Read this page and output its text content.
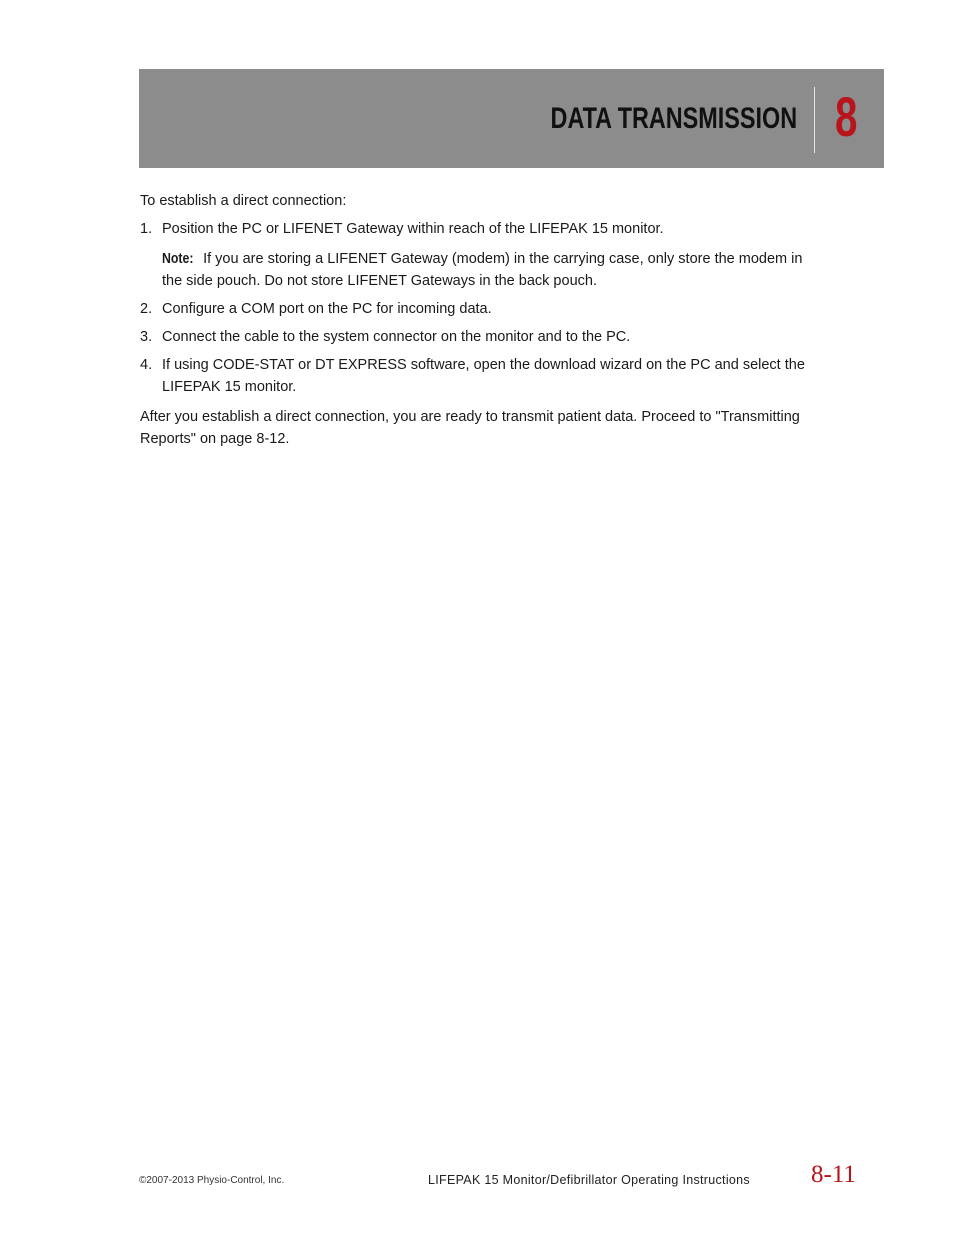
DATA TRANSMISSION 8

To establish a direct connection:

1. Position the PC or LIFENET Gateway within reach of the LIFEPAK 15 monitor.
Note: If you are storing a LIFENET Gateway (modem) in the carrying case, only store the modem in the side pouch. Do not store LIFENET Gateways in the back pouch.
2. Configure a COM port on the PC for incoming data.
3. Connect the cable to the system connector on the monitor and to the PC.
4. If using CODE-STAT or DT EXPRESS software, open the download wizard on the PC and select the LIFEPAK 15 monitor.

After you establish a direct connection, you are ready to transmit patient data. Proceed to "Transmitting Reports" on page 8-12.

©2007-2013 Physio-Control, Inc.	LIFEPAK 15 Monitor/Defibrillator Operating Instructions 8-11
